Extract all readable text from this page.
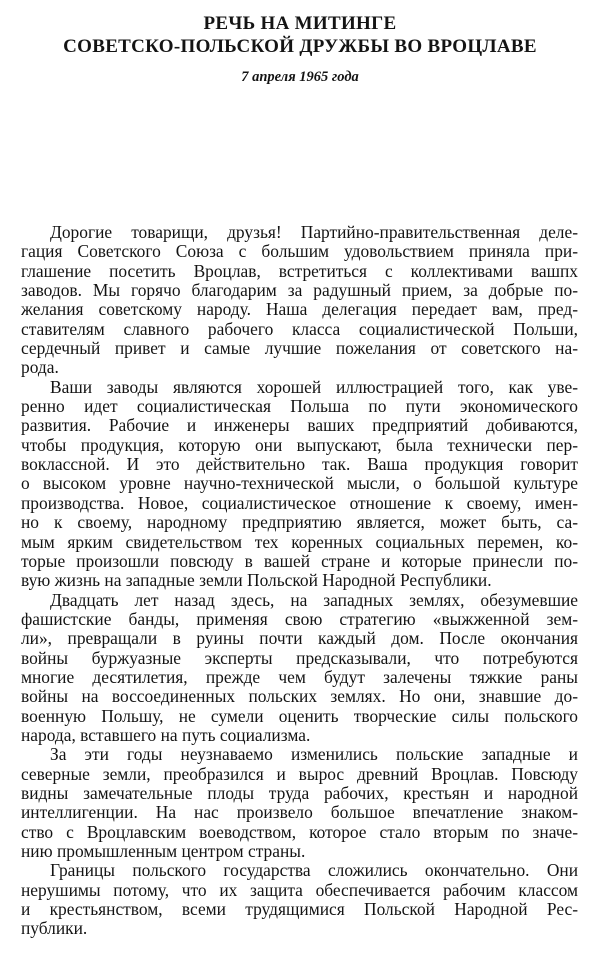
РЕЧЬ НА МИТИНГЕ
СОВЕТСКО-ПОЛЬСКОЙ ДРУЖБЫ ВО ВРОЦЛАВЕ

7 апреля 1965 года

Дорогие товарищи, друзья! Партийно-правительственная деле-
гация Советского Союза с большим удовольствием приняла при-
глашение посетить Вроцлав, встретиться с коллективами вашпх
заводов. Мы горячо благодарим за радушный прием, за добрые по-
желания советскому народу. Наша делегация передает вам, пред-
ставителям славного рабочего класса социалистической Польши,
сердечный привет и самые лучшие пожелания от советского на-
рода.
Ваши заводы являются хорошей иллюстрацией того, как уве-
ренно идет социалистическая Польша по пути экономического
развития. Рабочие и инженеры ваших предприятий добиваются,
чтобы продукция, которую они выпускают, была технически пер-
воклассной. И это действительно так. Ваша продукция говорит
о высоком уровне научно-технической мысли, о большой культуре
производства. Новое, социалистическое отношение к своему, имен-
но к своему, народному предприятию является, может быть, са-
мым ярким свидетельством тех коренных социальных перемен, ко-
торые произошли повсюду в вашей стране и которые принесли по-
вую жизнь на западные земли Польской Народной Республики.
Двадцать лет назад здесь, на западных землях, обезумевшие
фашистские банды, применяя свою стратегию «выжженной зем-
ли», превращали в руины почти каждый дом. После окончания
войны буржуазные эксперты предсказывали, что потребуются
многие десятилетия, прежде чем будут залечены тяжкие раны
войны на воссоединенных польских землях. Но они, знавшие до-
военную Польшу, не сумели оценить творческие силы польского
народа, вставшего на путь социализма.
За эти годы неузнаваемо изменились польские западные и
северные земли, преобразился и вырос древний Вроцлав. Повсюду
видны замечательные плоды труда рабочих, крестьян и народной
интеллигенции. На нас произвело большое впечатление знаком-
ство с Вроцлавским воеводством, которое стало вторым по значе-
нию промышленным центром страны.
Границы польского государства сложились окончательно. Они
нерушимы потому, что их защита обеспечивается рабочим классом
и крестьянством, всеми трудящимися Польской Народной Рес-
публики.
